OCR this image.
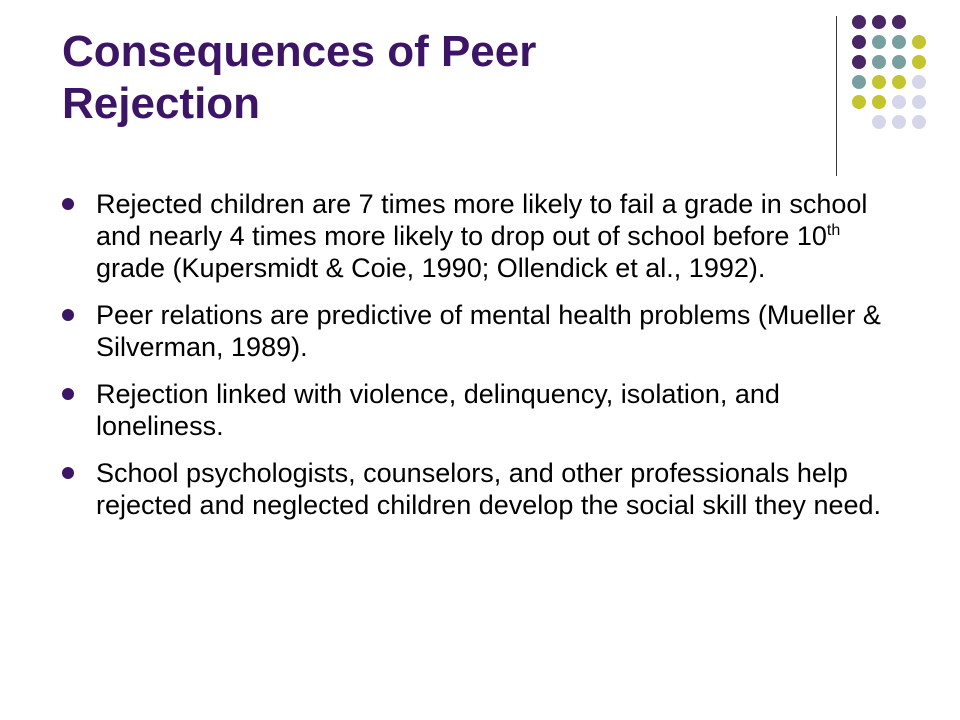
Consequences of Peer
Rejection
Rejected children are 7 times more likely to fail a grade in school and nearly 4 times more likely to drop out of school before 10th grade (Kupersmidt & Coie, 1990; Ollendick et al., 1992).
Peer relations are predictive of mental health problems (Mueller & Silverman, 1989).
Rejection linked with violence, delinquency, isolation, and loneliness.
School psychologists, counselors, and other professionals help rejected and neglected children develop the social skill they need.
